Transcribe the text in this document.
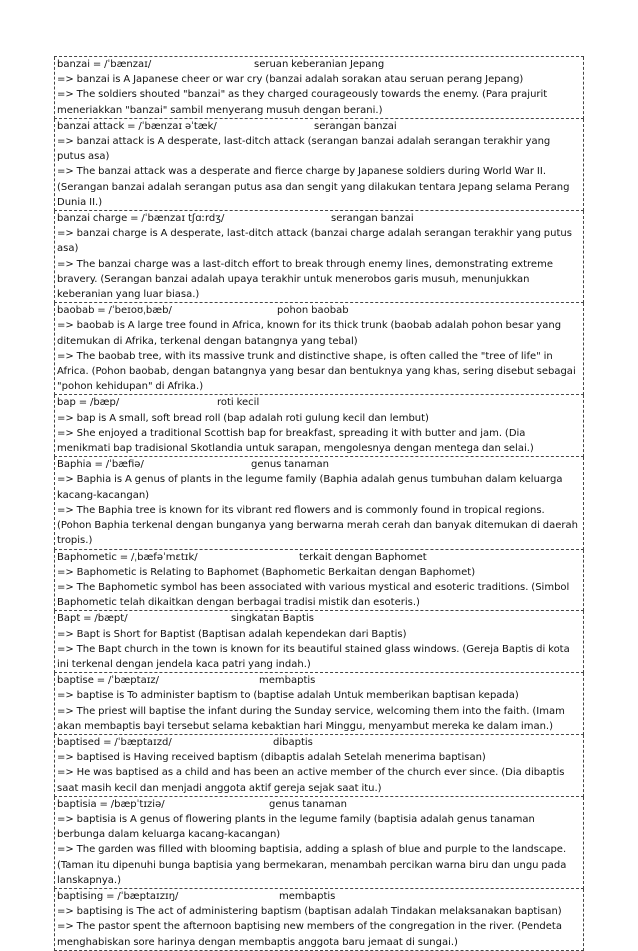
banzai = /ˈbænzaɪ/	seruan keberanian Jepang

=> banzai is A Japanese cheer or war cry (banzai adalah sorakan atau seruan perang Jepang)

=> The soldiers shouted "banzai" as they charged courageously towards the enemy. (Para prajurit meneriakkan "banzai" sambil menyerang musuh dengan berani.)

banzai attack = /ˈbænzaɪ əˈtæk/	serangan banzai

=> banzai attack is A desperate, last-ditch attack (serangan banzai adalah serangan terakhir yang putus asa)

=> The banzai attack was a desperate and fierce charge by Japanese soldiers during World War II. (Serangan banzai adalah serangan putus asa dan sengit yang dilakukan tentara Jepang selama Perang Dunia II.)

banzai charge = /ˈbænzaɪ tʃɑːrdʒ/	serangan banzai

=> banzai charge is A desperate, last-ditch attack (banzai charge adalah serangan terakhir yang putus asa)

=> The banzai charge was a last-ditch effort to break through enemy lines, demonstrating extreme bravery. (Serangan banzai adalah upaya terakhir untuk menerobos garis musuh, menunjukkan keberanian yang luar biasa.)

baobab = /ˈbeɪoʊˌbæb/	pohon baobab

=> baobab is A large tree found in Africa, known for its thick trunk (baobab adalah pohon besar yang ditemukan di Afrika, terkenal dengan batangnya yang tebal)

=> The baobab tree, with its massive trunk and distinctive shape, is often called the "tree of life" in Africa. (Pohon baobab, dengan batangnya yang besar dan bentuknya yang khas, sering disebut sebagai "pohon kehidupan" di Afrika.)

bap = /bæp/	roti kecil

=> bap is A small, soft bread roll (bap adalah roti gulung kecil dan lembut)

=> She enjoyed a traditional Scottish bap for breakfast, spreading it with butter and jam. (Dia menikmati bap tradisional Skotlandia untuk sarapan, mengolesnya dengan mentega dan selai.)

Baphia = /ˈbæfiə/	genus tanaman

=> Baphia is A genus of plants in the legume family (Baphia adalah genus tumbuhan dalam keluarga kacang-kacangan)

=> The Baphia tree is known for its vibrant red flowers and is commonly found in tropical regions. (Pohon Baphia terkenal dengan bunganya yang berwarna merah cerah dan banyak ditemukan di daerah tropis.)

Baphometic = /ˌbæfəˈmɛtɪk/	terkait dengan Baphomet

=> Baphometic is Relating to Baphomet (Baphometic Berkaitan dengan Baphomet)

=> The Baphometic symbol has been associated with various mystical and esoteric traditions. (Simbol Baphometic telah dikaitkan dengan berbagai tradisi mistik dan esoteris.)

Bapt = /bæpt/	singkatan Baptis

=> Bapt is Short for Baptist (Baptisan adalah kependekan dari Baptis)

=> The Bapt church in the town is known for its beautiful stained glass windows. (Gereja Baptis di kota ini terkenal dengan jendela kaca patri yang indah.)

baptise = /ˈbæptaɪz/	membaptis

=> baptise is To administer baptism to (baptise adalah Untuk memberikan baptisan kepada)

=> The priest will baptise the infant during the Sunday service, welcoming them into the faith. (Imam akan membaptis bayi tersebut selama kebaktian hari Minggu, menyambut mereka ke dalam iman.)

baptised = /ˈbæptaɪzd/	dibaptis

=> baptised is Having received baptism (dibaptis adalah Setelah menerima baptisan)

=> He was baptised as a child and has been an active member of the church ever since. (Dia dibaptis saat masih kecil dan menjadi anggota aktif gereja sejak saat itu.)

baptisia = /bæpˈtɪziə/	genus tanaman

=> baptisia is A genus of flowering plants in the legume family (baptisia adalah genus tanaman berbunga dalam keluarga kacang-kacangan)

=> The garden was filled with blooming baptisia, adding a splash of blue and purple to the landscape. (Taman itu dipenuhi bunga baptisia yang bermekaran, menambah percikan warna biru dan ungu pada lanskapnya.)

baptising = /ˈbæptaɪzɪŋ/	membaptis

=> baptising is The act of administering baptism (baptisan adalah Tindakan melaksanakan baptisan)

=> The pastor spent the afternoon baptising new members of the congregation in the river. (Pendeta menghabiskan sore harinya dengan membaptis anggota baru jemaat di sungai.)
